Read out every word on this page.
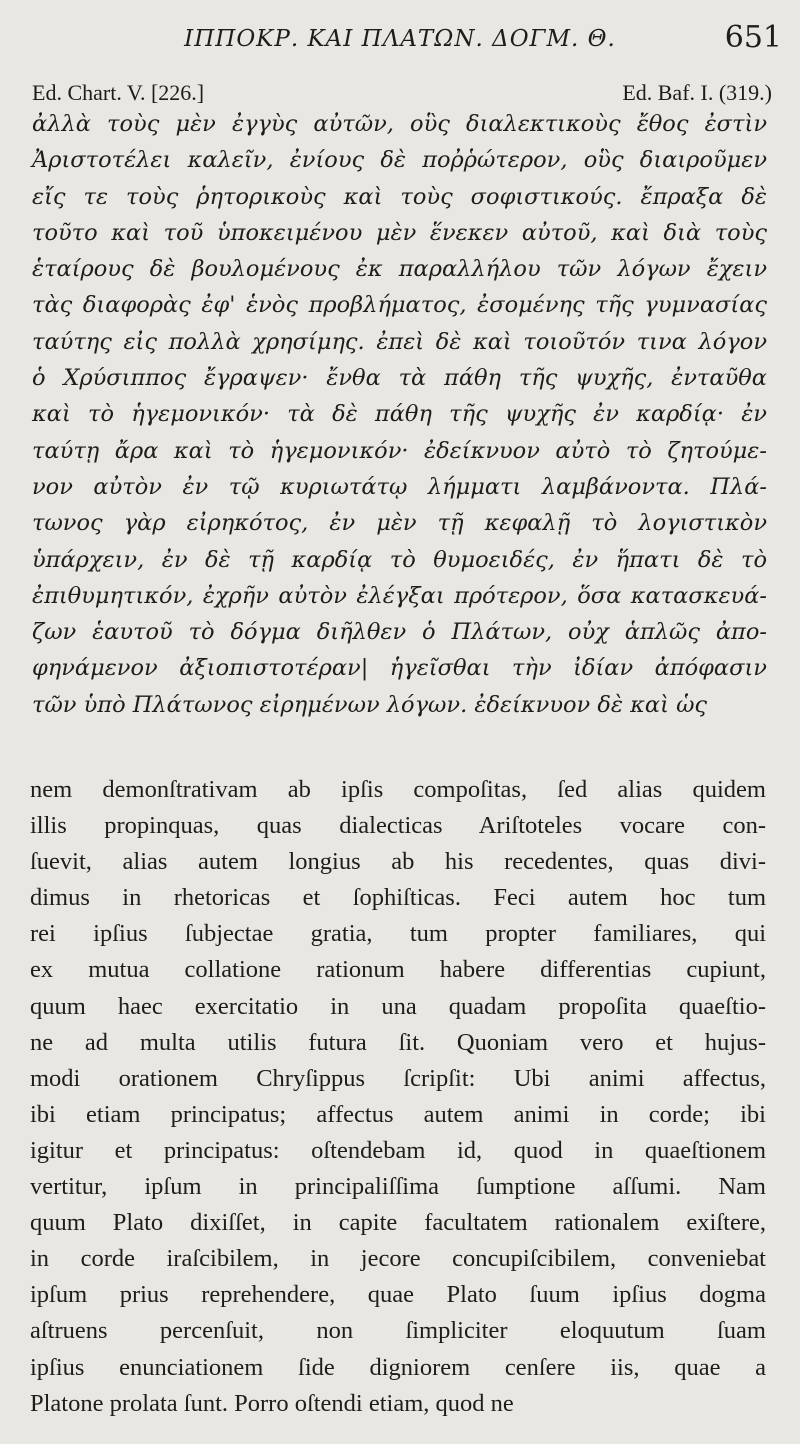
ΙΠΠΟΚΡ. ΚΑΙ ΠΛΑΤΩΝ. ΔΟΓΜ. Θ.	651
Ed. Chart. V. [226.]	Ed. Baf. I. (319.)
ἀλλὰ τοὺς μὲν ἐγγὺς αὐτῶν, οὓς διαλεκτικοὺς ἔθος ἐστὶν
Ἀριστοτέλει καλεῖν, ἐνίους δὲ ποῤῥώτερον, οὓς διαιροῦμεν
εἴς τε τοὺς ῥητορικοὺς καὶ τοὺς σοφιστικούς. ἔπραξα δὲ
τοῦτο καὶ τοῦ ὑποκειμένου μὲν ἕνεκεν αὐτοῦ, καὶ διὰ τοὺς
ἑταίρους δὲ βουλομένους ἐκ παραλλήλου τῶν λόγων ἔχειν
τὰς διαφορὰς ἐφ' ἑνὸς προβλήματος, ἐσομένης τῆς γυμνασίας
ταύτης εἰς πολλὰ χρησίμης. ἐπεὶ δὲ καὶ τοιοῦτόν τινα λόγον
ὁ Χρύσιππος ἔγραψεν· ἔνθα τὰ πάθη τῆς ψυχῆς, ἐνταῦθα
καὶ τὸ ἡγεμονικόν· τὰ δὲ πάθη τῆς ψυχῆς ἐν καρδίᾳ· ἐν
ταύτῃ ἄρα καὶ τὸ ἡγεμονικόν· ἐδείκνυον αὐτὸ τὸ ζητούμε-
νον αὐτὸν ἐν τῷ κυριωτάτῳ λήμματι λαμβάνοντα. Πλά-
τωνος γὰρ εἰρηκότος, ἐν μὲν τῇ κεφαλῇ τὸ λογιστικὸν
ὑπάρχειν, ἐν δὲ τῇ καρδίᾳ τὸ θυμοειδές, ἐν ἥπατι δὲ τὸ
ἐπιθυμητικόν, ἐχρῆν αὐτὸν ἐλέγξαι πρότερον, ὅσα κατασκευά-
ζων ἑαυτοῦ τὸ δόγμα διῆλθεν ὁ Πλάτων, οὐχ ἁπλῶς ἀπο-
φηνάμενον ἀξιοπιστοτέραν| ἡγεῖσθαι τὴν ἰδίαν ἀπόφασιν
τῶν ὑπὸ Πλάτωνος εἰρημένων λόγων. ἐδείκνυον δὲ καὶ ὡς
nem demonſtrativam ab ipſis compoſitas, ſed alias quidem
illis propinquas, quas dialecticas Ariſtoteles vocare con-
ſuevit, alias autem longius ab his recedentes, quas divi-
dimus in rhetoricas et ſophiſticas. Feci autem hoc tum
rei ipſius ſubjectae gratia, tum propter familiares, qui
ex mutua collatione rationum habere differentias cupiunt,
quum haec exercitatio in una quadam propoſita quaeſtio-
ne ad multa utilis futura ſit. Quoniam vero et hujus-
modi orationem Chryſippus ſcripſit: Ubi animi affectus,
ibi etiam principatus; affectus autem animi in corde; ibi
igitur et principatus: oſtendebam id, quod in quaeſtionem
vertitur, ipſum in principaliſſima ſumptione aſſumi. Nam
quum Plato dixiſſet, in capite facultatem rationalem exiſtere,
in corde iraſcibilem, in jecore concupiſcibilem, conveniebat
ipſum prius reprehendere, quae Plato ſuum ipſius dogma
aſtruens percenſuit, non ſimpliciter eloquutum ſuam
ipſius enunciationem ſide digniorem cenſere iis, quae a
Platone prolata ſunt. Porro oſtendi etiam, quod ne
